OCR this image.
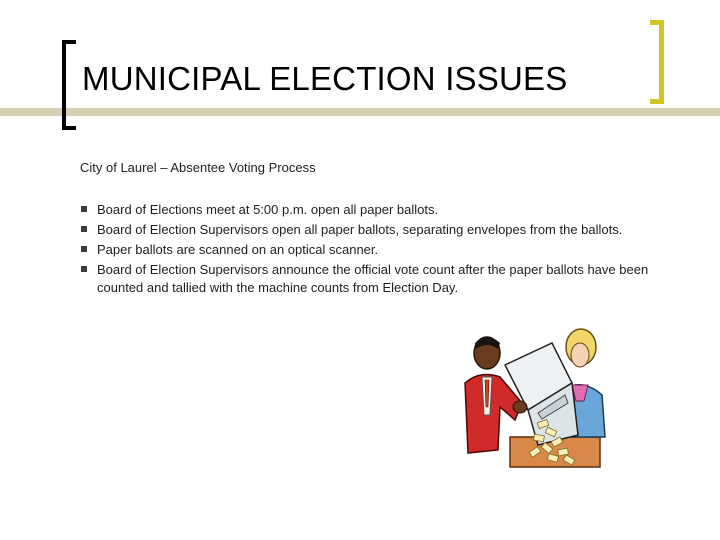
MUNICIPAL ELECTION ISSUES
City of Laurel – Absentee Voting Process
Board of Elections meet at 5:00 p.m. open all paper ballots.
Board of Election Supervisors open all paper ballots, separating envelopes from the ballots.
Paper ballots are scanned on an optical scanner.
Board of Election Supervisors announce the official vote count after the paper ballots have been counted and tallied with the machine counts from Election Day.
